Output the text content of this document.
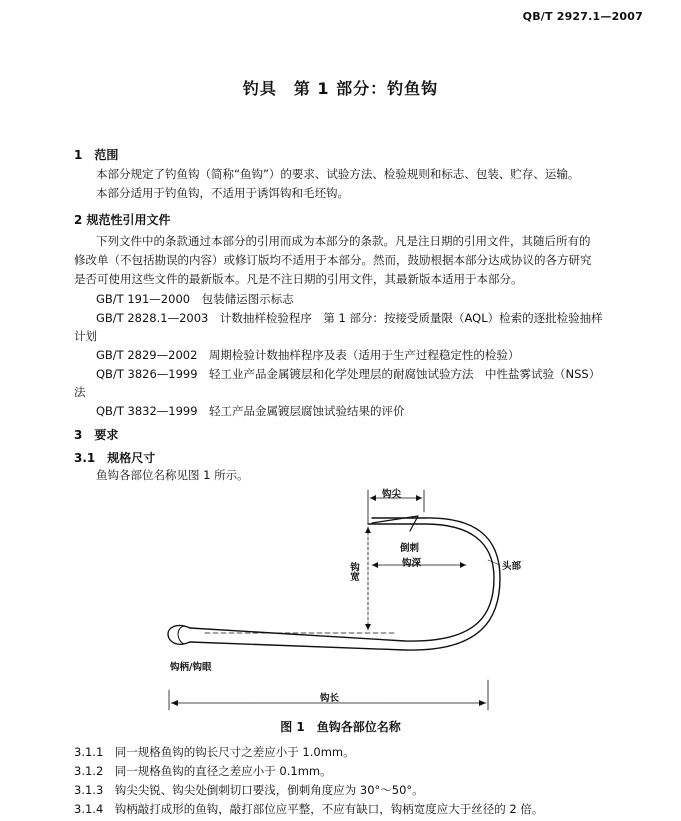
QB/T 2927.1—2007
钓具　第 1 部分：钓鱼钩
1　范围
本部分规定了钓鱼钩（简称“鱼钩”）的要求、试验方法、检验规则和标志、包装、贮存、运输。
本部分适用于钓鱼钩，不适用于诱饵钩和毛坯钩。
2 规范性引用文件
下列文件中的条款通过本部分的引用而成为本部分的条款。凡是注日期的引用文件，其随后所有的
修改单（不包括勘误的内容）或修订版均不适用于本部分。然而，鼓励根据本部分达成协议的各方研究
是否可使用这些文件的最新版本。凡是不注日期的引用文件，其最新版本适用于本部分。
GB/T 191—2000　包装储运图示标志
GB/T 2828.1—2003　计数抽样检验程序　第 1 部分：按接受质量限（AQL）检索的逐批检验抽样
计划
GB/T 2829—2002　周期检验计数抽样程序及表（适用于生产过程稳定性的检验）
QB/T 3826—1999　轻工业产品金属镀层和化学处理层的耐腐蚀试验方法　中性盐雾试验（NSS）
法
QB/T 3832—1999　轻工产品金属镀层腐蚀试验结果的评价
3　要求
3.1　规格尺寸
鱼钩各部位名称见图 1 所示。
钩尖
倒刺
钩深
钩宽	头部
钩柄/钩眼
钩长
图 1　鱼钩各部位名称
3.1.1　同一规格鱼钩的钩长尺寸之差应小于 1.0mm。
3.1.2　同一规格鱼钩的直径之差应小于 0.1mm。
3.1.3　钩尖尖锐、钩尖处倒刺切口要浅，倒刺角度应为 30°～50°。
3.1.4　钩柄敲打成形的鱼钩，敲打部位应平整，不应有缺口，钩柄宽度应大于丝径的 2 倍。
